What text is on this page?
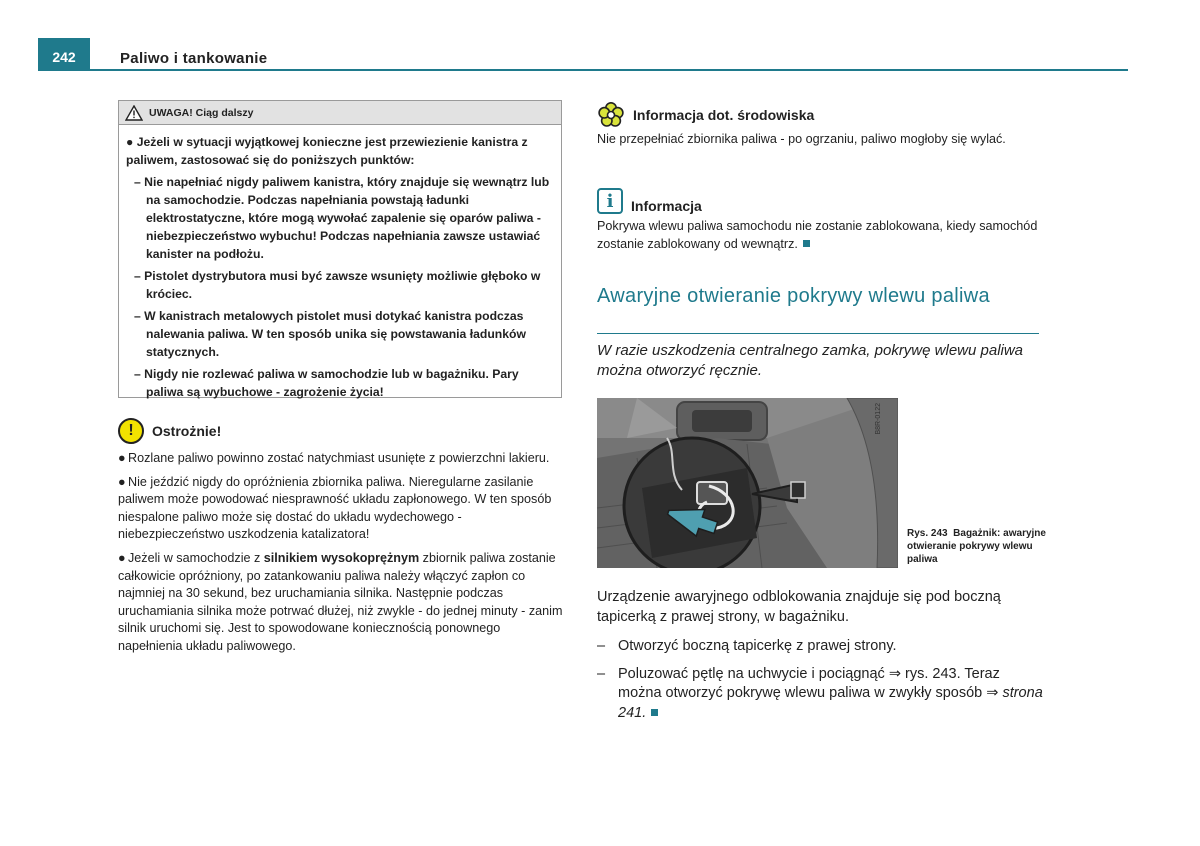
242	Paliwo i tankowanie
UWAGA! Ciąg dalszy

● Jeżeli w sytuacji wyjątkowej konieczne jest przewiezienie kanistra z paliwem, zastosować się do poniższych punktów:

– Nie napełniać nigdy paliwem kanistra, który znajduje się wewnątrz lub na samochodzie. Podczas napełniania powstają ładunki elektrostatyczne, które mogą wywołać zapalenie się oparów paliwa - niebezpieczeństwo wybuchu! Podczas napełniania zawsze ustawiać kanister na podłożu.
– Pistolet dystrybutora musi być zawsze wsunięty możliwie głęboko w króciec.
– W kanistrach metalowych pistolet musi dotykać kanistra podczas nalewania paliwa. W ten sposób unika się powstawania ładunków statycznych.
– Nigdy nie rozlewać paliwa w samochodzie lub w bagażniku. Pary paliwa są wybuchowe - zagrożenie życia!
!	Ostrożnie!
● Rozlane paliwo powinno zostać natychmiast usunięte z powierzchni lakieru.
● Nie jeździć nigdy do opróżnienia zbiornika paliwa. Nieregularne zasilanie paliwem może powodować niesprawność układu zapłonowego. W ten sposób niespalone paliwo może się dostać do układu wydechowego - niebezpieczeństwo uszkodzenia katalizatora!
● Jeżeli w samochodzie z silnikiem wysokoprężnym zbiornik paliwa zostanie całkowicie opróżniony, po zatankowaniu paliwa należy włączyć zapłon co najmniej na 30 sekund, bez uruchamiania silnika. Następnie podczas uruchamiania silnika może potrwać dłużej, niż zwykle - do jednej minuty - zanim silnik uruchomi się. Jest to spowodowane koniecznością ponownego napełnienia układu paliwowego.
Informacja dot. środowiska
Nie przepełniać zbiornika paliwa - po ogrzaniu, paliwo mogłoby się wylać.
i	Informacja
Pokrywa wlewu paliwa samochodu nie zostanie zablokowana, kiedy samochód zostanie zablokowany od wewnątrz.
Awaryjne otwieranie pokrywy wlewu paliwa
W razie uszkodzenia centralnego zamka, pokrywę wlewu paliwa można otworzyć ręcznie.
B8R-0122
Rys. 243 Bagażnik: awaryjne otwieranie pokrywy wlewu paliwa
Urządzenie awaryjnego odblokowania znajduje się pod boczną tapicerką z prawej strony, w bagażniku.
– Otworzyć boczną tapicerkę z prawej strony.
– Poluzować pętlę na uchwycie i pociągnąć ⇒ rys. 243. Teraz można otworzyć pokrywę wlewu paliwa w zwykły sposób ⇒ strona 241.
